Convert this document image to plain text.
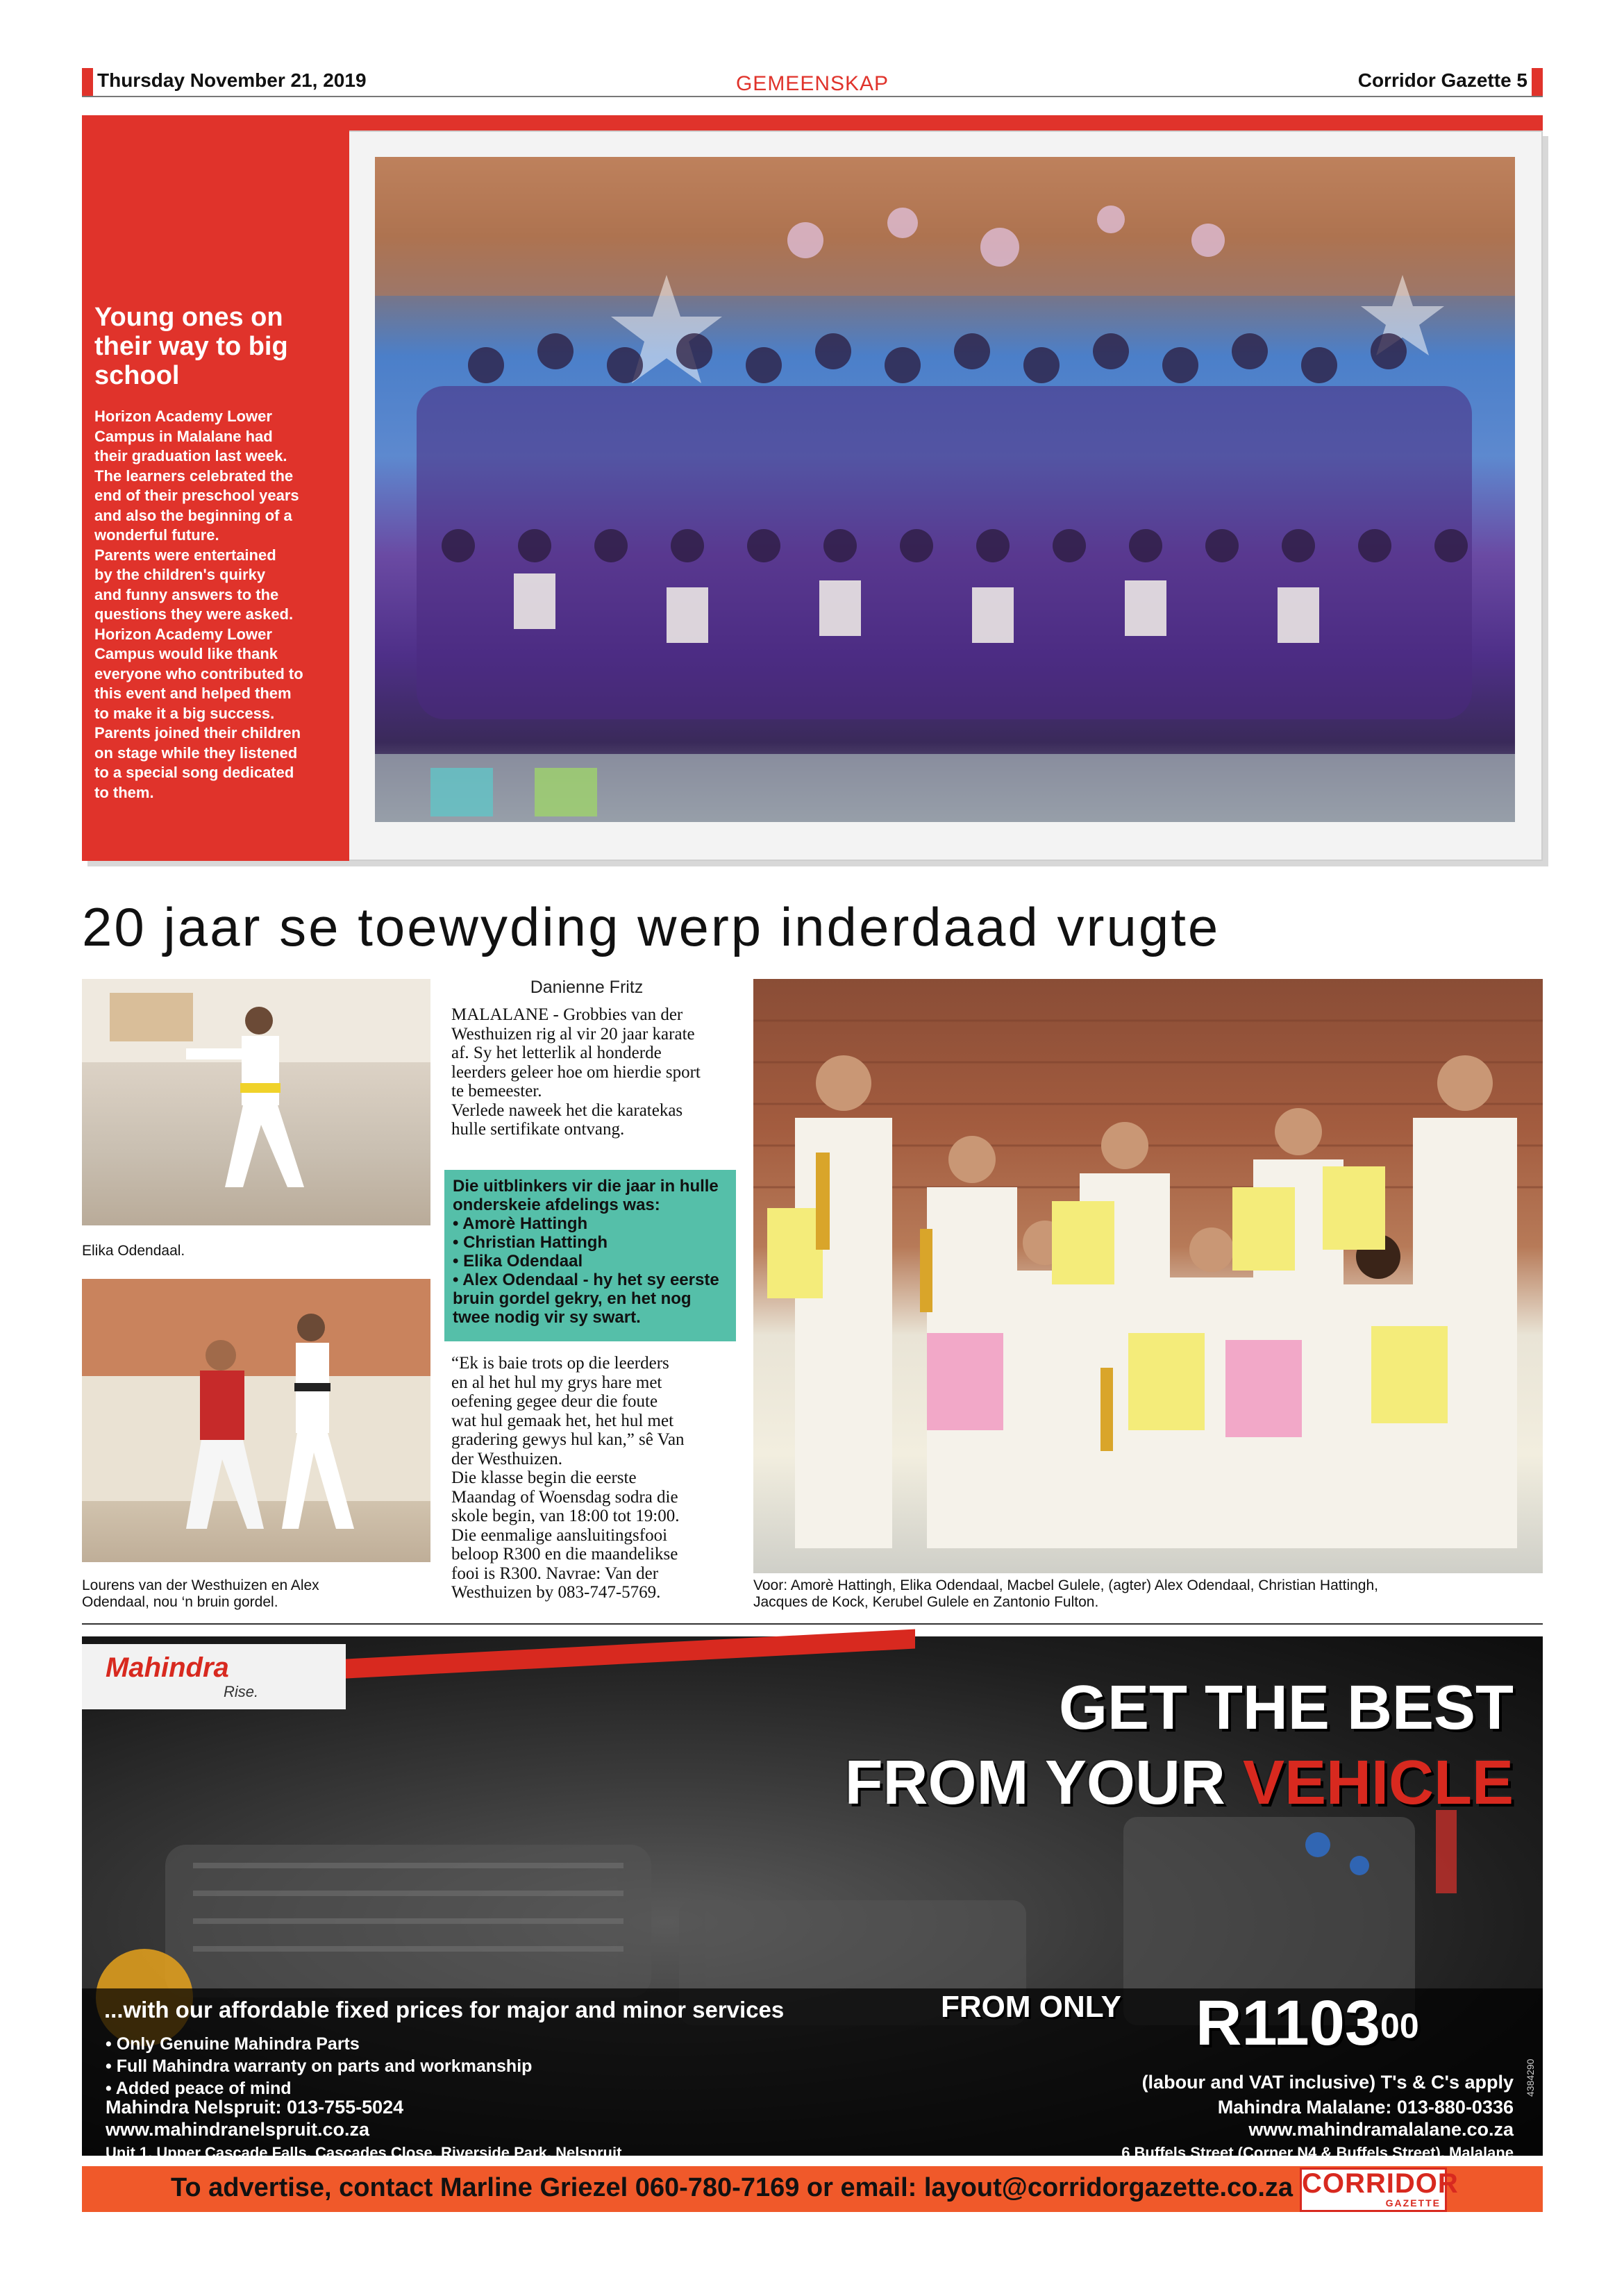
Thursday November 21, 2019	GEMEENSKAP	Corridor Gazette 5
Young ones on their way to big school
Horizon Academy Lower
Campus in Malalane had
their graduation last week.
The learners celebrated the
end of their preschool years
and also the beginning of a
wonderful future.
Parents were entertained
by the children's quirky
and funny answers to the
questions they were asked.
Horizon Academy Lower
Campus would like thank
everyone who contributed to
this event and helped them
to make it a big success.
Parents joined their children
on stage while they listened
to a special song dedicated
to them.
20 jaar se toewyding werp inderdaad vrugte
Elika Odendaal.
Lourens van der Westhuizen en Alex
Odendaal, nou ‘n bruin gordel.
Danienne Fritz
MALALANE - Grobbies van der
Westhuizen rig al vir 20 jaar karate
af. Sy het letterlik al honderde
leerders geleer hoe om hierdie sport
te bemeester.
Verlede naweek het die karatekas
hulle sertifikate ontvang.
Die uitblinkers vir die jaar in hulle
onderskeie afdelings was:
• Amorè Hattingh
• Christian Hattingh
• Elika Odendaal
• Alex Odendaal - hy het sy eerste
bruin gordel gekry, en het nog
twee nodig vir sy swart.
“Ek is baie trots op die leerders
en al het hul my grys hare met
oefening gegee deur die foute
wat hul gemaak het, het hul met
gradering gewys hul kan,” sê Van
der Westhuizen.
Die klasse begin die eerste
Maandag of Woensdag sodra die
skole begin, van 18:00 tot 19:00.
Die eenmalige aansluitingsfooi
beloop R300 en die maandelikse
fooi is R300. Navrae: Van der
Westhuizen by 083-747-5769.	Voor: Amorè Hattingh, Elika Odendaal, Macbel Gulele, (agter) Alex Odendaal, Christian Hattingh,
Jacques de Kock, Kerubel Gulele en Zantonio Fulton.
Mahindra
Rise.	GET THE BEST
FROM YOUR VEHICLE
...with our affordable fixed prices for major and minor services
• Only Genuine Mahindra Parts
• Full Mahindra warranty on parts and workmanship
• Added peace of mind
Mahindra Nelspruit: 013-755-5024
www.mahindranelspruit.co.za
Unit 1, Upper Cascade Falls, Cascades Close, Riverside Park, Nelspruit
FROM ONLY R1103$^{00}$
(labour and VAT inclusive) T's & C's apply
Mahindra Malalane: 013-880-0336
www.mahindramalalane.co.za
6 Buffels Street (Corner N4 & Buffels Street), Malalane
4384290
To advertise, contact Marline Griezel 060-780-7169 or email: layout@corridorgazette.co.za CORRIDOR
GAZETTE
